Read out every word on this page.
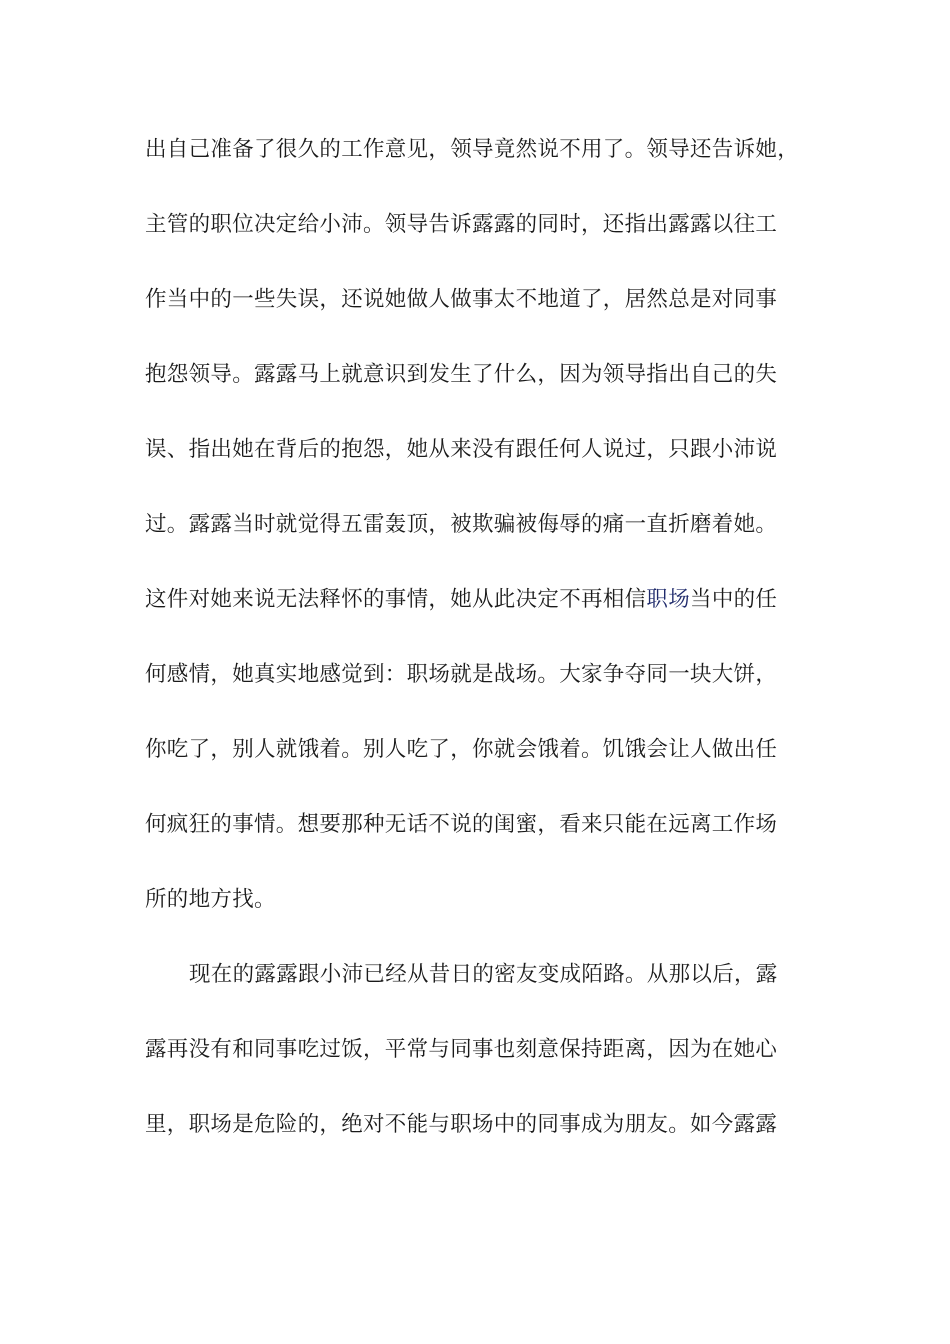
出自己准备了很久的工作意见，领导竟然说不用了。领导还告诉她，
主管的职位决定给小沛。领导告诉露露的同时，还指出露露以往工
作当中的一些失误，还说她做人做事太不地道了，居然总是对同事
抱怨领导。露露马上就意识到发生了什么，因为领导指出自己的失
误、指出她在背后的抱怨，她从来没有跟任何人说过，只跟小沛说
过。露露当时就觉得五雷轰顶，被欺骗被侮辱的痛一直折磨着她。
这件对她来说无法释怀的事情，她从此决定不再相信职场当中的任
何感情，她真实地感觉到：职场就是战场。大家争夺同一块大饼，
你吃了，别人就饿着。别人吃了，你就会饿着。饥饿会让人做出任
何疯狂的事情。想要那种无话不说的闺蜜，看来只能在远离工作场
所的地方找。
现在的露露跟小沛已经从昔日的密友变成陌路。从那以后，露
露再没有和同事吃过饭，平常与同事也刻意保持距离，因为在她心
里，职场是危险的，绝对不能与职场中的同事成为朋友。如今露露
